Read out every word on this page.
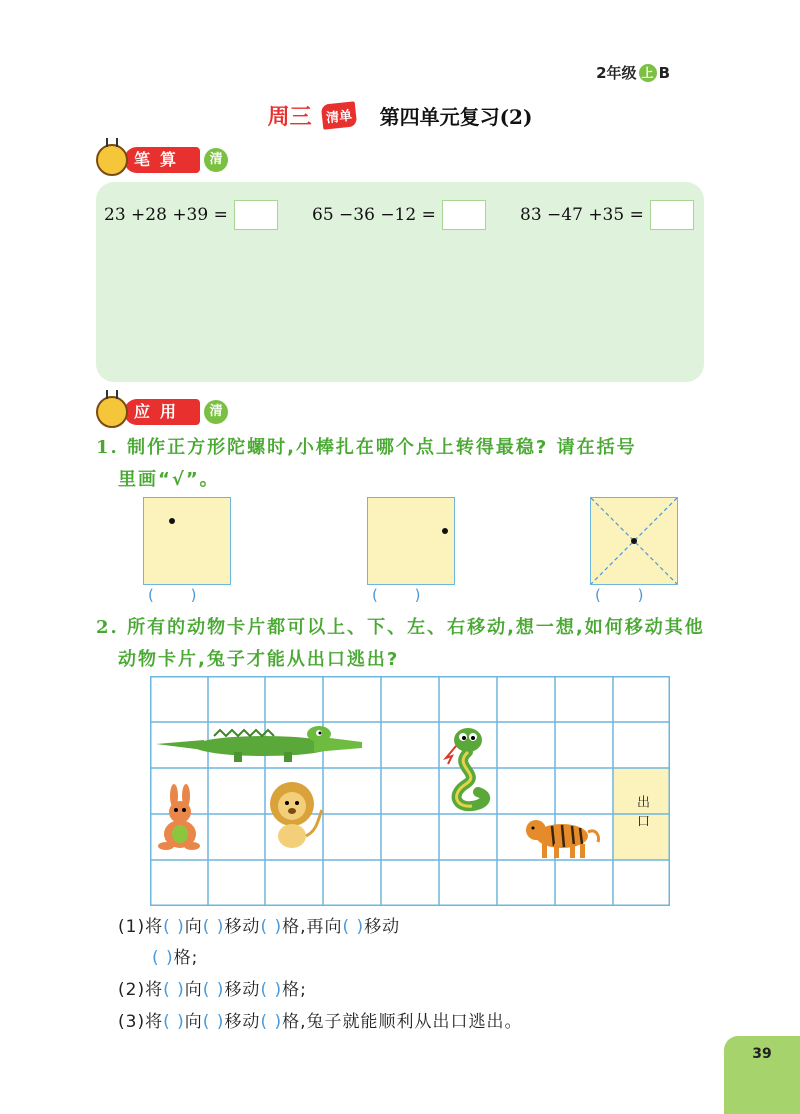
2年级 上 B
周三	清单 第四单元复习(2)
笔算	清
23 +28 +39 =	65 −36 −12 =	83 −47 +35 =
应用	清
1. 制作正方形陀螺时,小棒扎在哪个点上转得最稳? 请在括号
里画“√”。
( )	( )	( )
2. 所有的动物卡片都可以上、下、左、右移动,想一想,如何移动其他
动物卡片,兔子才能从出口逃出?
出口
(1)将( )向( )移动( )格,再向( )移动
( )格;
(2)将( )向( )移动( )格;
(3)将( )向( )移动( )格,兔子就能顺利从出口逃出。
39
